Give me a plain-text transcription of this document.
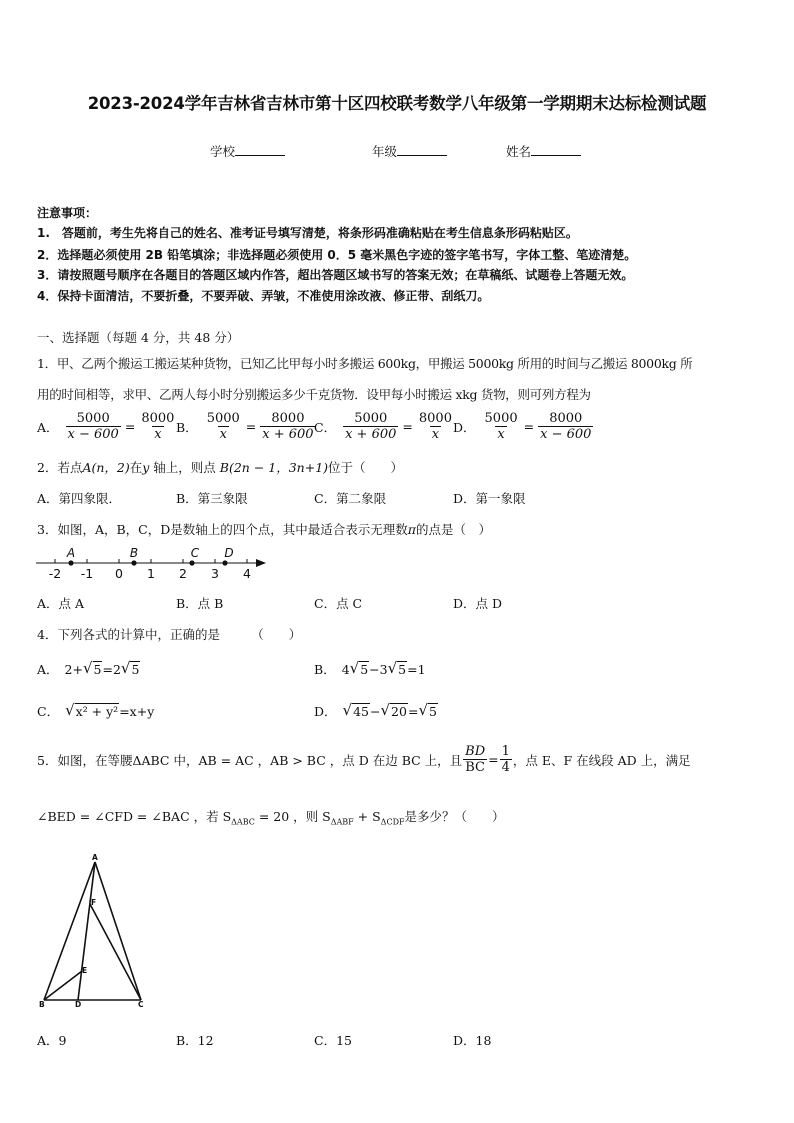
2023-2024学年吉林省吉林市第十区四校联考数学八年级第一学期期末达标检测试题
学校	年级	姓名
注意事项：
1.　答题前，考生先将自己的姓名、准考证号填写清楚，将条形码准确粘贴在考生信息条形码粘贴区。
2．选择题必须使用 2B 铅笔填涂；非选择题必须使用 0．5 毫米黑色字迹的签字笔书写，字体工整、笔迹清楚。
3．请按照题号顺序在各题目的答题区域内作答，超出答题区域书写的答案无效；在草稿纸、试题卷上答题无效。
4．保持卡面清洁，不要折叠，不要弄破、弄皱，不准使用涂改液、修正带、刮纸刀。
一、选择题（每题 4 分，共 48 分）
1．甲、乙两个搬运工搬运某种货物，已知乙比甲每小时多搬运 600kg，甲搬运 5000kg 所用的时间与乙搬运 8000kg 所
用的时间相等，求甲、乙两人每小时分别搬运多少千克货物．设甲每小时搬运 xkg 货物，则可列方程为
A． $\frac{5000}{x - 600} = \frac{8000}{x}$ B． $\frac{5000}{x} = \frac{8000}{x + 600}$
C． $\frac{5000}{x + 600} = \frac{8000}{x}$ D． $\frac{5000}{x} = \frac{8000}{x - 600}$
2．若点A(n，2)在y 轴上，则点 B(2n − 1，3n+1)位于（　　）
A．第四象限．	B．第三象限	C．第二象限	D．第一象限
3．如图，A，B，C，D是数轴上的四个点，其中最适合表示无理数π的点是（　）
-2 -1 0 1 2 3 4
A	B	C D
A．点 A	B．点 B	C．点 C	D．点 D
4．下列各式的计算中，正确的是　　　（　　）
A． 2+ √ 5 =2 √ 5	B． 4 √ 5 −3 √ 5 =1
C． √ x² + y² =x+y	D． √ 45 − √ 20 = √ 5
5．如图，在等腰ΔABC 中，AB = AC ，AB > BC ，点 D 在边 BC 上，且 $\frac{BD}{BC} = \frac{1}{4}$ ，点 E、F 在线段 AD 上，满足
∠BED = ∠CFD = ∠BAC ，若 $S_{\Delta ABC} = 20$ ，则 $S_{\Delta ABF} + S_{\Delta CDF}$是多少？（　　）
A
F
E
B	D	C
A．9	B．12	C．15	D．18
